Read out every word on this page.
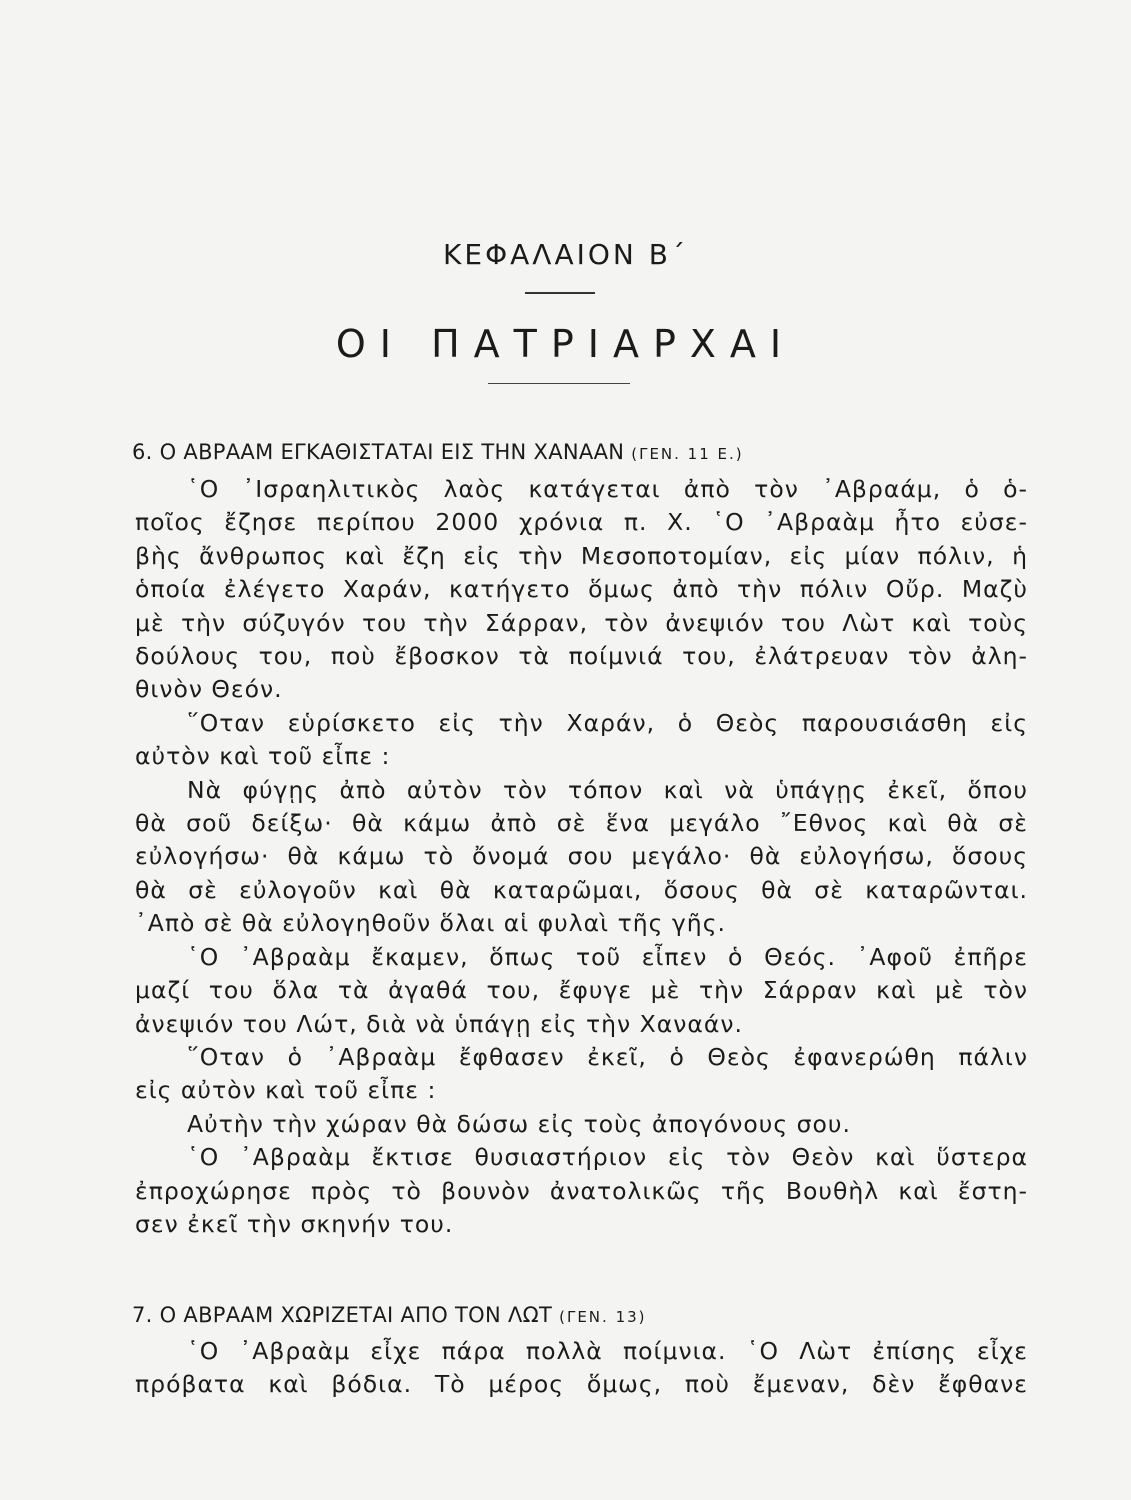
ΚΕΦΑΛΑΙΟΝ Β΄
ΟΙ ΠΑΤΡΙΑΡΧΑΙ
6. Ο ΑΒΡΑΑΜ ΕΓΚΑΘΙΣΤΑΤΑΙ ΕΙΣ ΤΗΝ ΧΑΝΑΑΝ (ΓΕΝ. 11 Ε.)
῾Ο ᾿Ισραηλιτικὸς λαὸς κατάγεται ἀπὸ τὸν ᾿Αβραάμ, ὁ ὁ-
ποῖος ἔζησε περίπου 2000 χρόνια π. Χ. ῾Ο ᾿Αβραὰμ ἦτο εὐσε-
βὴς ἄνθρωπος καὶ ἔζη εἰς τὴν Μεσοποτομίαν, εἰς μίαν πόλιν, ἡ
ὁποία ἐλέγετο Χαράν, κατήγετο ὅμως ἀπὸ τὴν πόλιν Οὔρ. Μαζὺ
μὲ τὴν σύζυγόν του τὴν Σάρραν, τὸν ἀνεψιόν του Λὼτ καὶ τοὺς
δούλους του, ποὺ ἔβοσκον τὰ ποίμνιά του, ἐλάτρευαν τὸν ἀλη-
θινὸν Θεόν.
῞Οταν εὑρίσκετο εἰς τὴν Χαράν, ὁ Θεὸς παρουσιάσθη εἰς
αὐτὸν καὶ τοῦ εἶπε :
Νὰ φύγῃς ἀπὸ αὐτὸν τὸν τόπον καὶ νὰ ὑπάγῃς ἐκεῖ, ὅπου
θὰ σοῦ δείξω· θὰ κάμω ἀπὸ σὲ ἕνα μεγάλο ῎Εθνος καὶ θὰ σὲ
εὐλογήσω· θὰ κάμω τὸ ὄνομά σου μεγάλο· θὰ εὐλογήσω, ὅσους
θὰ σὲ εὐλογοῦν καὶ θὰ καταρῶμαι, ὅσους θὰ σὲ καταρῶνται.
᾿Απὸ σὲ θὰ εὐλογηθοῦν ὅλαι αἱ φυλαὶ τῆς γῆς.
῾Ο ᾿Αβραὰμ ἔκαμεν, ὅπως τοῦ εἶπεν ὁ Θεός. ᾿Αφοῦ ἐπῆρε
μαζί του ὅλα τὰ ἀγαθά του, ἔφυγε μὲ τὴν Σάρραν καὶ μὲ τὸν
ἀνεψιόν του Λώτ, διὰ νὰ ὑπάγῃ εἰς τὴν Χαναάν.
῞Οταν ὁ ᾿Αβραὰμ ἔφθασεν ἐκεῖ, ὁ Θεὸς ἐφανερώθη πάλιν
εἰς αὐτὸν καὶ τοῦ εἶπε :
Αὐτὴν τὴν χώραν θὰ δώσω εἰς τοὺς ἀπογόνους σου.
῾Ο ᾿Αβραὰμ ἔκτισε θυσιαστήριον εἰς τὸν Θεὸν καὶ ὕστερα
ἐπροχώρησε πρὸς τὸ βουνὸν ἀνατολικῶς τῆς Βουθὴλ καὶ ἔστη-
σεν ἐκεῖ τὴν σκηνήν του.
7. Ο ΑΒΡΑΑΜ ΧΩΡΙΖΕΤΑΙ ΑΠΟ ΤΟΝ ΛΩΤ (ΓΕΝ. 13)
῾Ο ᾿Αβραὰμ εἶχε πάρα πολλὰ ποίμνια. ῾Ο Λὼτ ἐπίσης εἶχε
πρόβατα καὶ βόδια. Τὸ μέρος ὅμως, ποὺ ἔμεναν, δὲν ἔφθανε
